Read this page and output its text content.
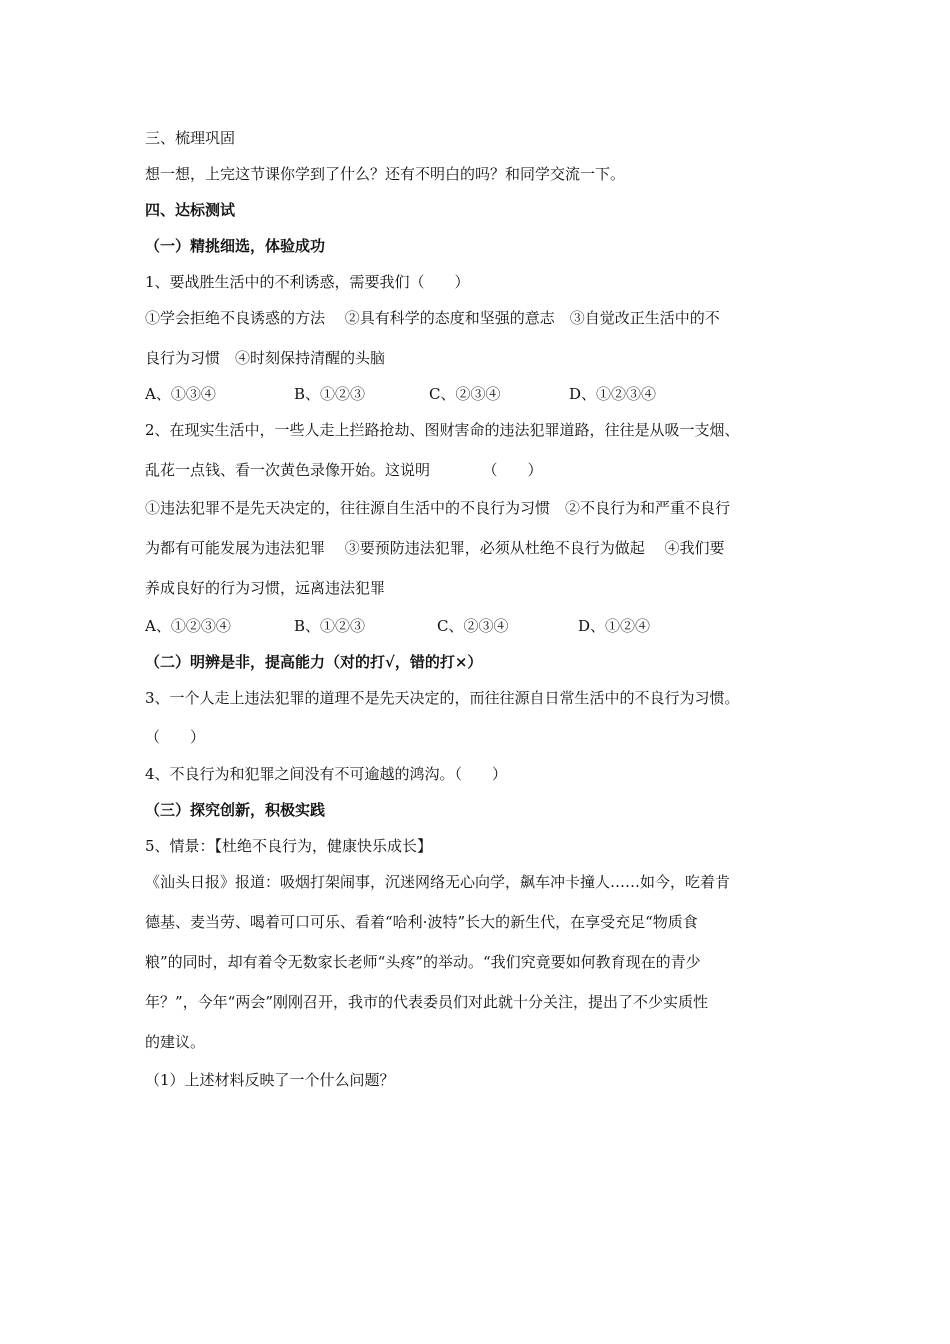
三、梳理巩固
想一想，上完这节课你学到了什么？还有不明白的吗？和同学交流一下。
四、达标测试
（一）精挑细选，体验成功
1、要战胜生活中的不利诱惑，需要我们（　　）
①学会拒绝不良诱惑的方法　 ②具有科学的态度和坚强的意志　③自觉改正生活中的不
良行为习惯　④时刻保持清醒的头脑
A、①③④	B、①②③	C、②③④	D、①②③④
2、在现实生活中，一些人走上拦路抢劫、图财害命的违法犯罪道路，往往是从吸一支烟、
乱花一点钱、看一次黄色录像开始。这说明　　　　（　　）
①违法犯罪不是先天决定的，往往源自生活中的不良行为习惯　②不良行为和严重不良行
为都有可能发展为违法犯罪　 ③要预防违法犯罪，必须从杜绝不良行为做起　 ④我们要
养成良好的行为习惯，远离违法犯罪
A、①②③④	B、①②③	C、②③④	D、①②④
（二）明辨是非，提高能力（对的打√，错的打×）
3、一个人走上违法犯罪的道理不是先天决定的，而往往源自日常生活中的不良行为习惯。
（　　）
4、不良行为和犯罪之间没有不可逾越的鸿沟。（　　）
（三）探究创新，积极实践
5、情景：【杜绝不良行为，健康快乐成长】
《汕头日报》报道：吸烟打架闹事，沉迷网络无心向学，飙车冲卡撞人……如今，吃着肯
德基、麦当劳、喝着可口可乐、看着“哈利·波特”长大的新生代，在享受充足“物质食
粮”的同时，却有着令无数家长老师“头疼”的举动。“我们究竟要如何教育现在的青少
年？”，今年“两会”刚刚召开，我市的代表委员们对此就十分关注，提出了不少实质性
的建议。
（1）上述材料反映了一个什么问题？
